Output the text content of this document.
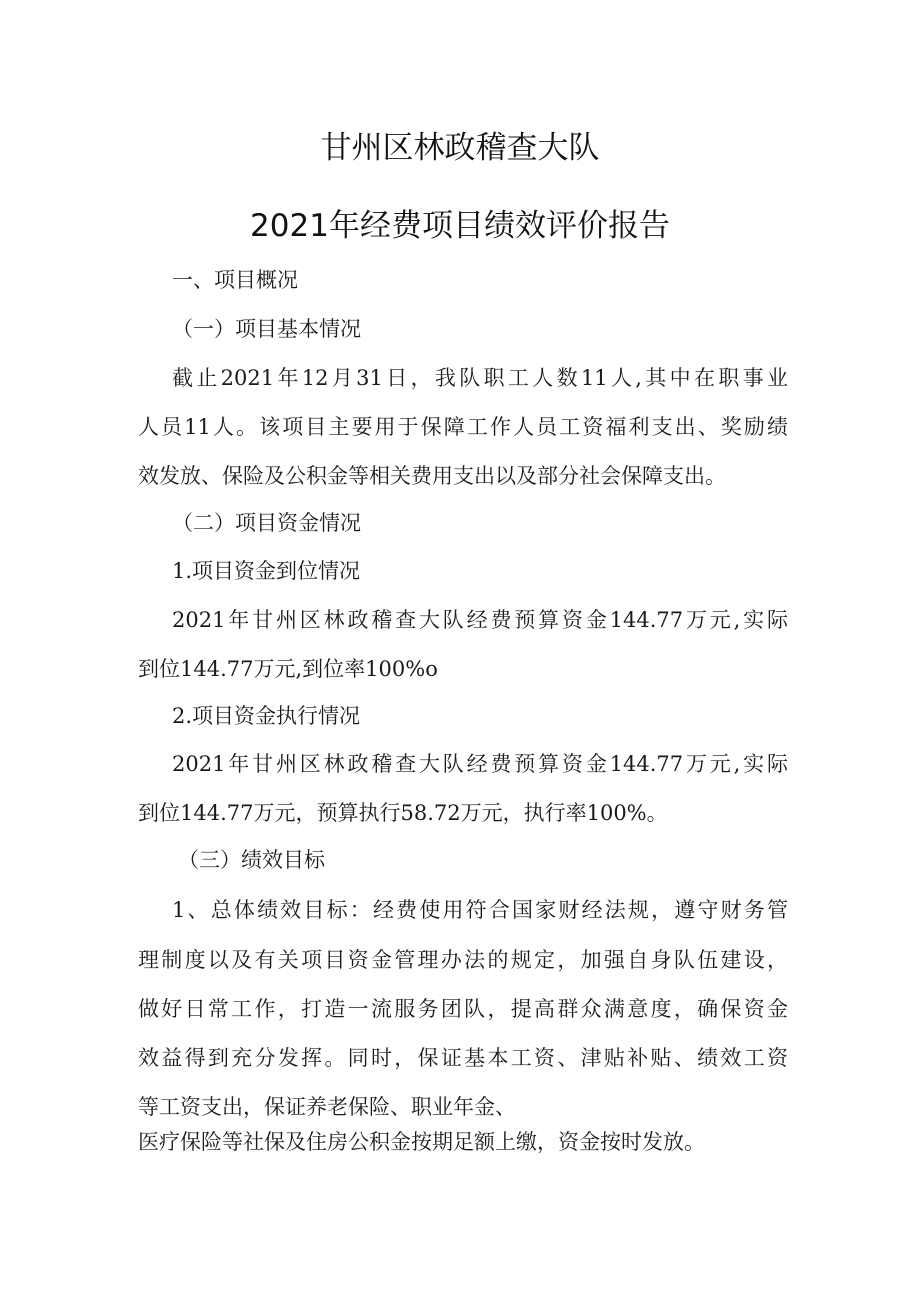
甘州区林政稽查大队
2021年经费项目绩效评价报告
一、项目概况
（一）项目基本情况
截止2021年12月31日，我队职工人数11人,其中在职事业
人员11人。该项目主要用于保障工作人员工资福利支出、奖励绩
效发放、保险及公积金等相关费用支出以及部分社会保障支出。
（二）项目资金情况
1.项目资金到位情况
2021年甘州区林政稽查大队经费预算资金144.77万元,实际
到位144.77万元,到位率100%o
2.项目资金执行情况
2021年甘州区林政稽查大队经费预算资金144.77万元,实际
到位144.77万元，预算执行58.72万元，执行率100%。
（三）绩效目标
1、总体绩效目标：经费使用符合国家财经法规，遵守财务管
理制度以及有关项目资金管理办法的规定，加强自身队伍建设，
做好日常工作，打造一流服务团队，提高群众满意度，确保资金
效益得到充分发挥。同时，保证基本工资、津贴补贴、绩效工资
等工资支出，保证养老保险、职业年金、
医疗保险等社保及住房公积金按期足额上缴，资金按时发放。
